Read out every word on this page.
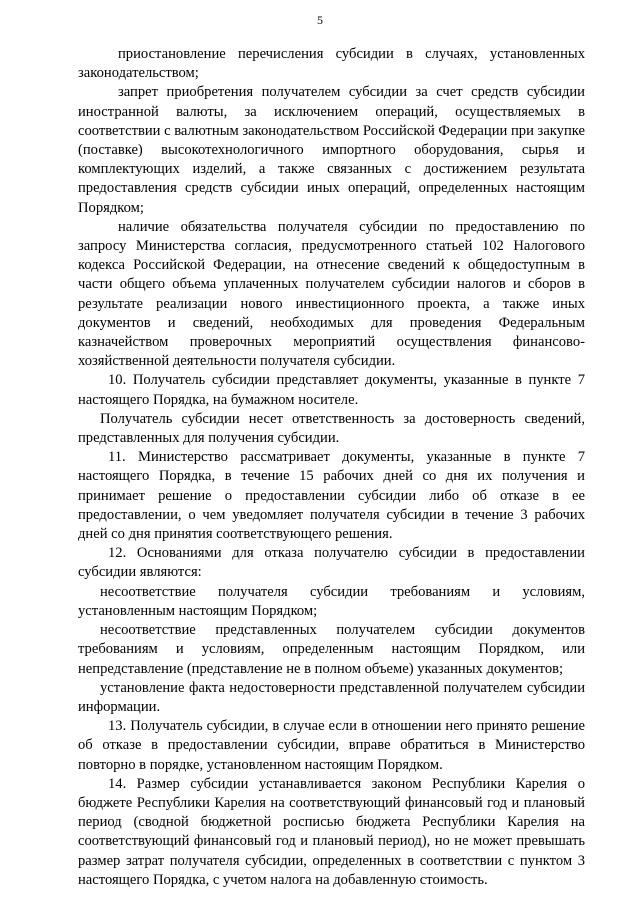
5

приостановление перечисления субсидии в случаях, установленных законодательством;

запрет приобретения получателем субсидии за счет средств субсидии иностранной валюты, за исключением операций, осуществляемых в соответствии с валютным законодательством Российской Федерации при закупке (поставке) высокотехнологичного импортного оборудования, сырья и комплектующих изделий, а также связанных с достижением результата предоставления средств субсидии иных операций, определенных настоящим Порядком;

наличие обязательства получателя субсидии по предоставлению по запросу Министерства согласия, предусмотренного статьей 102 Налогового кодекса Российской Федерации, на отнесение сведений к общедоступным в части общего объема уплаченных получателем субсидии налогов и сборов в результате реализации нового инвестиционного проекта, а также иных документов и сведений, необходимых для проведения Федеральным казначейством проверочных мероприятий осуществления финансово-хозяйственной деятельности получателя субсидии.

10. Получатель субсидии представляет документы, указанные в пункте 7 настоящего Порядка, на бумажном носителе.

Получатель субсидии несет ответственность за достоверность сведений, представленных для получения субсидии.

11. Министерство рассматривает документы, указанные в пункте 7 настоящего Порядка, в течение 15 рабочих дней со дня их получения и принимает решение о предоставлении субсидии либо об отказе в ее предоставлении, о чем уведомляет получателя субсидии в течение 3 рабочих дней со дня принятия соответствующего решения.

12. Основаниями для отказа получателю субсидии в предоставлении субсидии являются:

несоответствие получателя субсидии требованиям и условиям, установленным настоящим Порядком;

несоответствие представленных получателем субсидии документов требованиям и условиям, определенным настоящим Порядком, или непредставление (представление не в полном объеме) указанных документов;

установление факта недостоверности представленной получателем субсидии информации.

13. Получатель субсидии, в случае если в отношении него принято решение об отказе в предоставлении субсидии, вправе обратиться в Министерство повторно в порядке, установленном настоящим Порядком.

14. Размер субсидии устанавливается законом Республики Карелия о бюджете Республики Карелия на соответствующий финансовый год и плановый период (сводной бюджетной росписью бюджета Республики Карелия на соответствующий финансовый год и плановый период), но не может превышать размер затрат получателя субсидии, определенных в соответствии с пунктом 3 настоящего Порядка, с учетом налога на добавленную стоимость.
